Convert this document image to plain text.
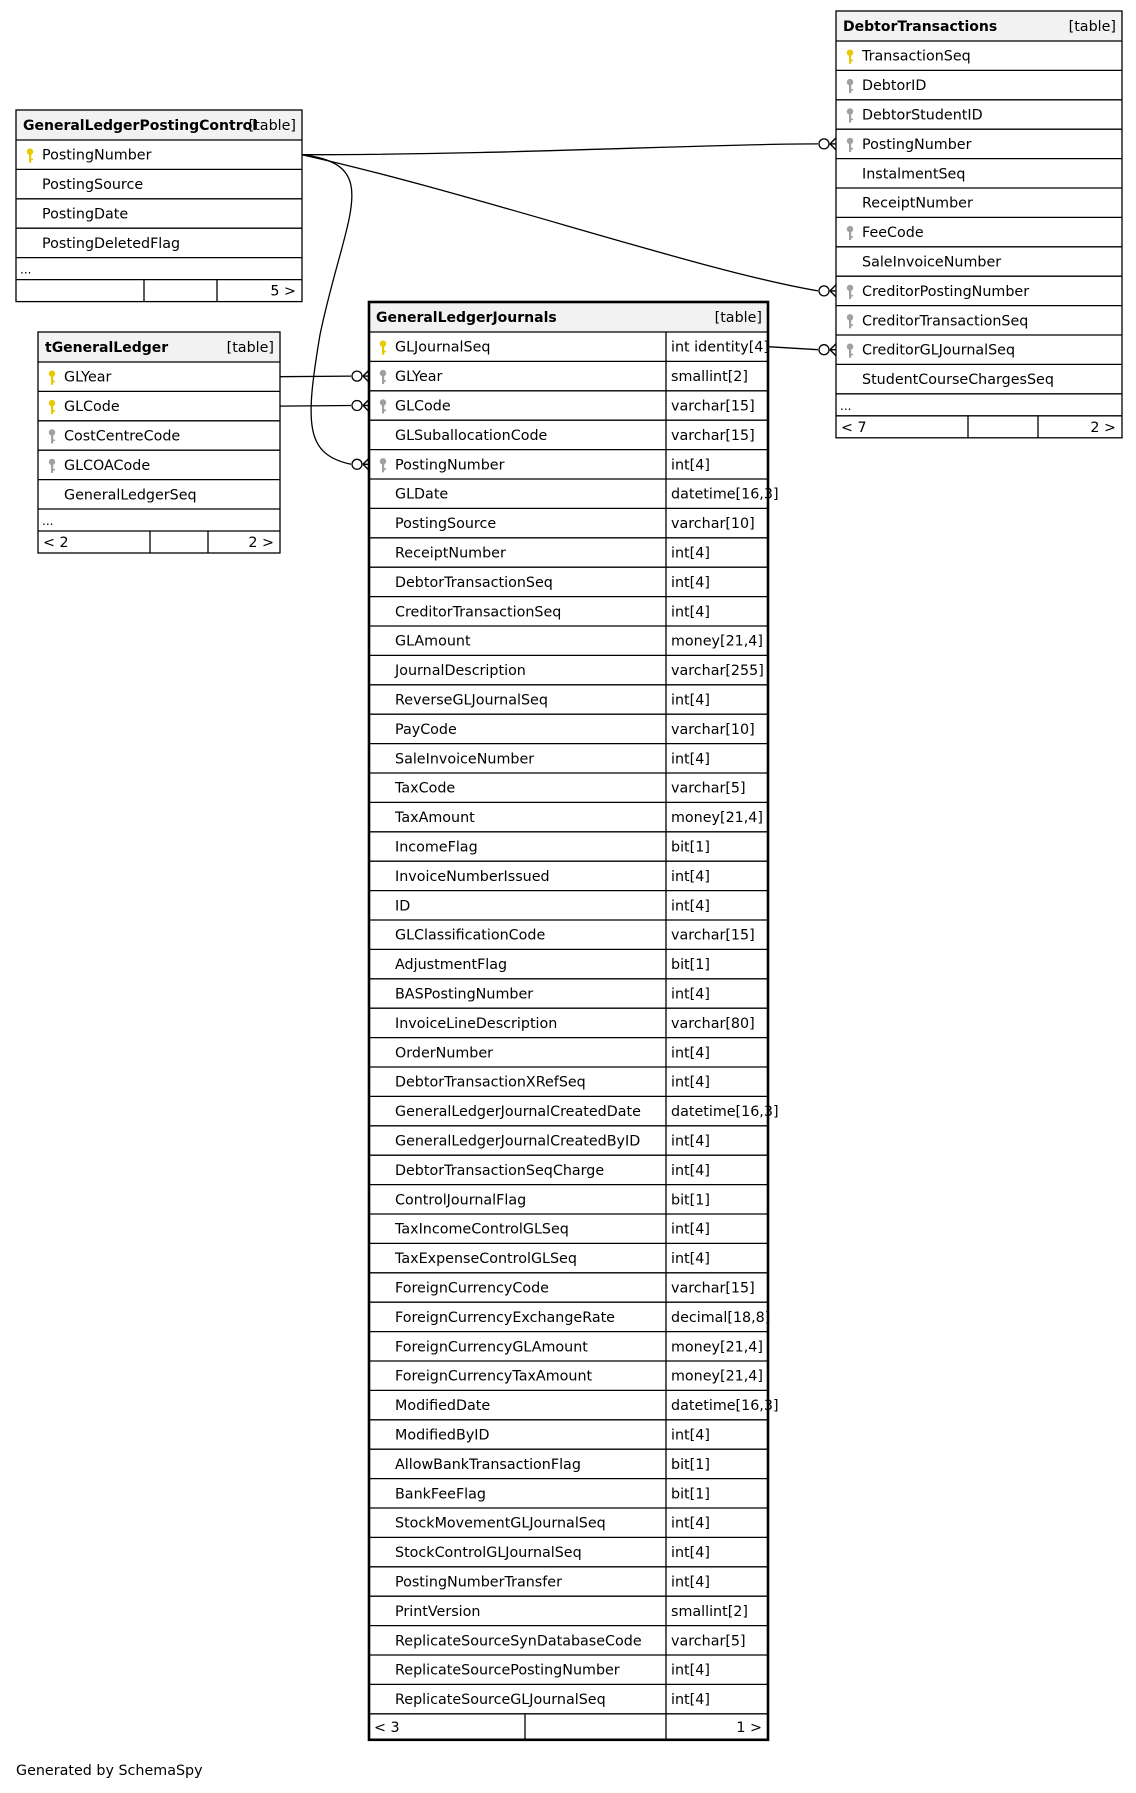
GeneralLedgerPostingControl
[table]
PostingNumber
PostingSource
PostingDate
PostingDeletedFlag
...
5 >
tGeneralLedger	[table]
GLYear
GLCode
CostCentreCode
GLCOACode
GeneralLedgerSeq
...
< 2	2 >
DebtorTransactions	[table]
TransactionSeq
DebtorID
DebtorStudentID
PostingNumber
InstalmentSeq
ReceiptNumber
FeeCode
SaleInvoiceNumber
CreditorPostingNumber
CreditorTransactionSeq
CreditorGLJournalSeq
StudentCourseChargesSeq
...
< 7	2 >
GeneralLedgerJournals	[table]
GLJournalSeq	int identity[4]
GLYear	smallint[2]
GLCode	varchar[15]
GLSuballocationCode	varchar[15]
PostingNumber	int[4]
GLDate	datetime[16,3]
PostingSource	varchar[10]
ReceiptNumber	int[4]
DebtorTransactionSeq	int[4]
CreditorTransactionSeq	int[4]
GLAmount	money[21,4]
JournalDescription	varchar[255]
ReverseGLJournalSeq	int[4]
PayCode	varchar[10]
SaleInvoiceNumber	int[4]
TaxCode	varchar[5]
TaxAmount	money[21,4]
IncomeFlag	bit[1]
InvoiceNumberIssued	int[4]
ID	int[4]
GLClassificationCode	varchar[15]
AdjustmentFlag	bit[1]
BASPostingNumber	int[4]
InvoiceLineDescription	varchar[80]
OrderNumber	int[4]
DebtorTransactionXRefSeq	int[4]
GeneralLedgerJournalCreatedDate datetime[16,3]
GeneralLedgerJournalCreatedByID int[4]
DebtorTransactionSeqCharge	int[4]
ControlJournalFlag	bit[1]
TaxIncomeControlGLSeq	int[4]
TaxExpenseControlGLSeq	int[4]
ForeignCurrencyCode	varchar[15]
ForeignCurrencyExchangeRate	decimal[18,8]
ForeignCurrencyGLAmount	money[21,4]
ForeignCurrencyTaxAmount	money[21,4]
ModifiedDate	datetime[16,3]
ModifiedByID	int[4]
AllowBankTransactionFlag	bit[1]
BankFeeFlag	bit[1]
StockMovementGLJournalSeq	int[4]
StockControlGLJournalSeq	int[4]
PostingNumberTransfer	int[4]
PrintVersion	smallint[2]
ReplicateSourceSynDatabaseCode varchar[5]
ReplicateSourcePostingNumber	int[4]
ReplicateSourceGLJournalSeq	int[4]
< 3	1 >
Generated by SchemaSpy
